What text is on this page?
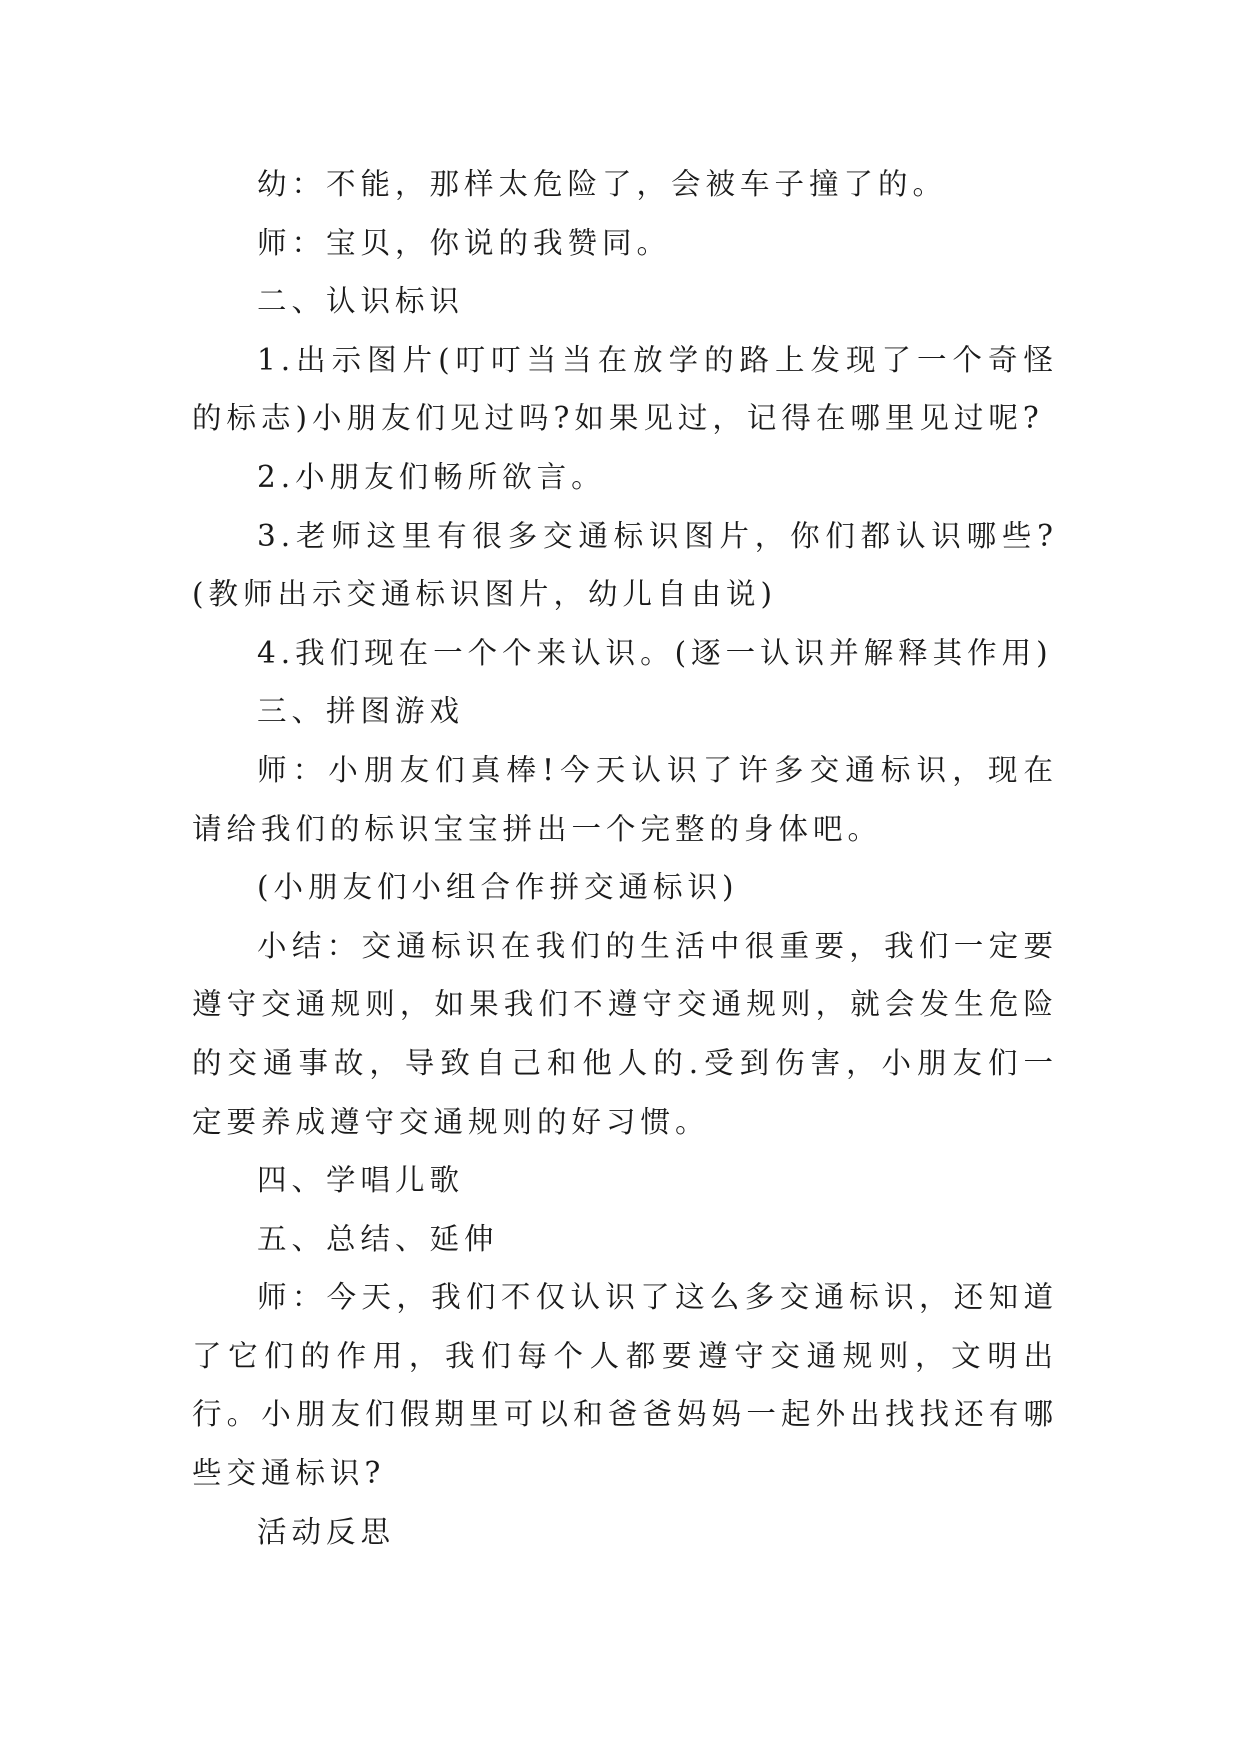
幼：不能，那样太危险了，会被车子撞了的。

师：宝贝，你说的我赞同。

二、认识标识

1.出示图片(叮叮当当在放学的路上发现了一个奇怪的标志)小朋友们见过吗?如果见过，记得在哪里见过呢?

2.小朋友们畅所欲言。

3.老师这里有很多交通标识图片，你们都认识哪些?(教师出示交通标识图片，幼儿自由说)

4.我们现在一个个来认识。(逐一认识并解释其作用)

三、拼图游戏

师：小朋友们真棒!今天认识了许多交通标识，现在请给我们的标识宝宝拼出一个完整的身体吧。

(小朋友们小组合作拼交通标识)

小结：交通标识在我们的生活中很重要，我们一定要遵守交通规则，如果我们不遵守交通规则，就会发生危险的交通事故，导致自己和他人的.受到伤害，小朋友们一定要养成遵守交通规则的好习惯。

四、学唱儿歌

五、总结、延伸

师：今天，我们不仅认识了这么多交通标识，还知道了它们的作用，我们每个人都要遵守交通规则，文明出行。小朋友们假期里可以和爸爸妈妈一起外出找找还有哪些交通标识?

活动反思
